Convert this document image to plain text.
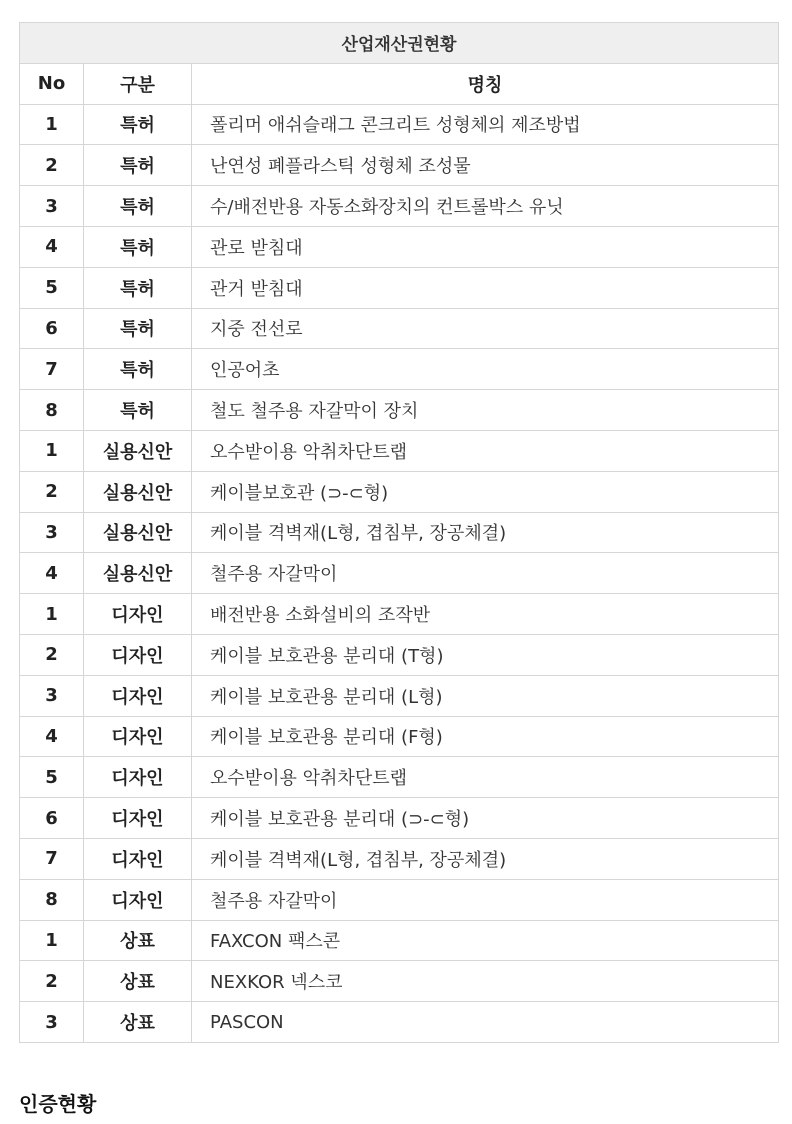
산업재산권현황		
No	구분	명칭
1	특허	폴리머 애쉬슬래그 콘크리트 성형체의 제조방법
2	특허	난연성 폐플라스틱 성형체 조성물
3	특허	수/배전반용 자동소화장치의 컨트롤박스 유닛
4	특허	관로 받침대
5	특허	관거 받침대
6	특허	지중 전선로
7	특허	인공어초
8	특허	철도 철주용 자갈막이 장치
1	실용신안	오수받이용 악취차단트랩
2	실용신안	케이블보호관 (⊃-⊂형)
3	실용신안	케이블 격벽재(L형, 겹침부, 장공체결)
4	실용신안	철주용 자갈막이
1	디자인	배전반용 소화설비의 조작반
2	디자인	케이블 보호관용 분리대 (T형)
3	디자인	케이블 보호관용 분리대 (L형)
4	디자인	케이블 보호관용 분리대 (F형)
5	디자인	오수받이용 악취차단트랩
6	디자인	케이블 보호관용 분리대 (⊃-⊂형)
7	디자인	케이블 격벽재(L형, 겹침부, 장공체결)
8	디자인	철주용 자갈막이
1	상표	FAXCON 팩스콘
2	상표	NEXKOR 넥스코
3	상표	PASCON
인증현황
